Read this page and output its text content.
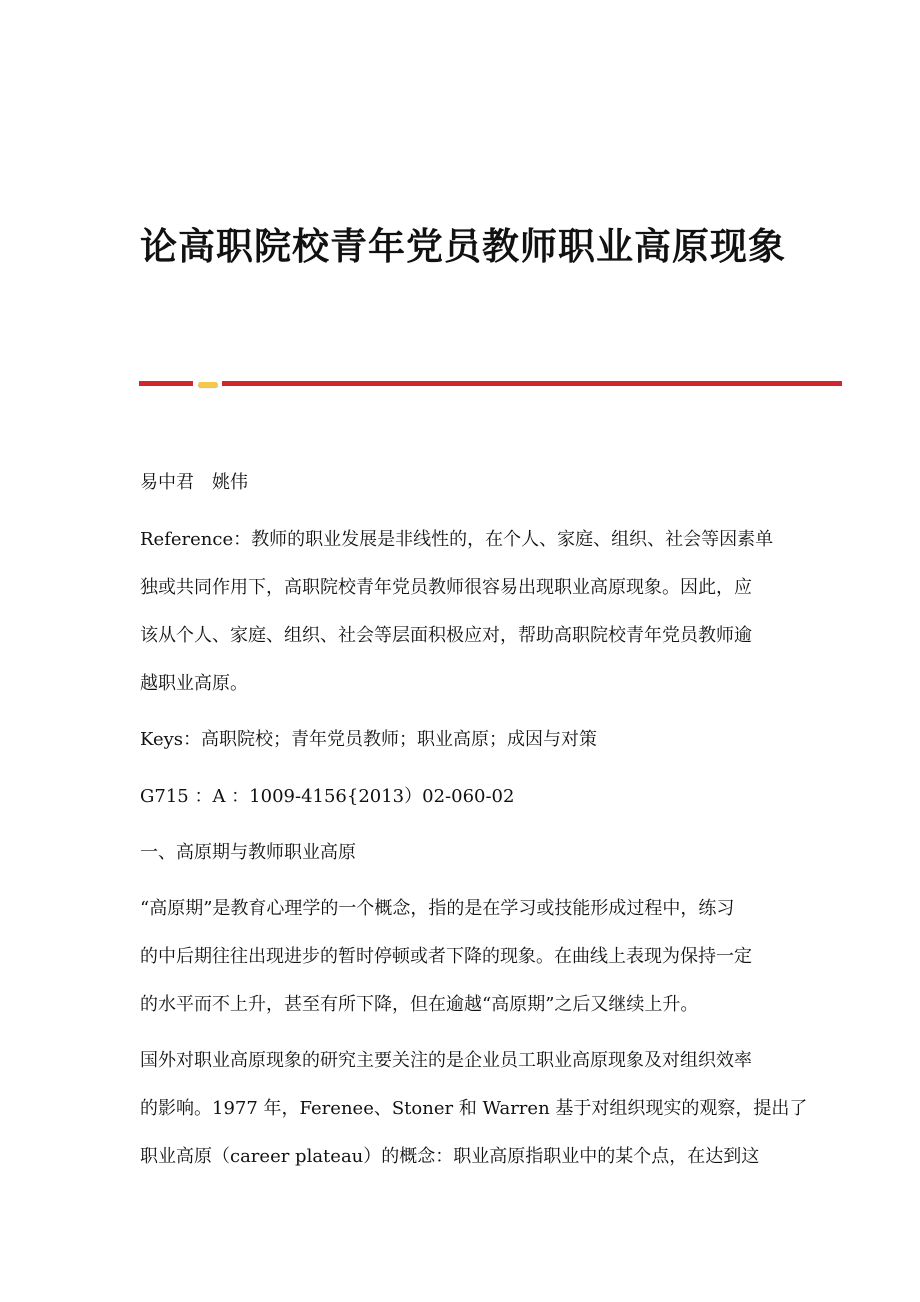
论高职院校青年党员教师职业高原现象
易中君　姚伟
Reference：教师的职业发展是非线性的，在个人、家庭、组织、社会等因素单
独或共同作用下，高职院校青年党员教师很容易出现职业高原现象。因此，应
该从个人、家庭、组织、社会等层面积极应对，帮助高职院校青年党员教师逾
越职业高原。
Keys：高职院校；青年党员教师；职业高原；成因与对策
G715 ：A ：1009-4156{2013）02-060-02
一、高原期与教师职业高原
“高原期”是教育心理学的一个概念，指的是在学习或技能形成过程中，练习
的中后期往往出现进步的暂时停顿或者下降的现象。在曲线上表现为保持一定
的水平而不上升，甚至有所下降，但在逾越“高原期”之后又继续上升。
国外对职业高原现象的研究主要关注的是企业员工职业高原现象及对组织效率
的影响。1977 年，Ferenee、Stoner 和 Warren 基于对组织现实的观察，提出了
职业高原（career plateau）的概念：职业高原指职业中的某个点，在达到这
